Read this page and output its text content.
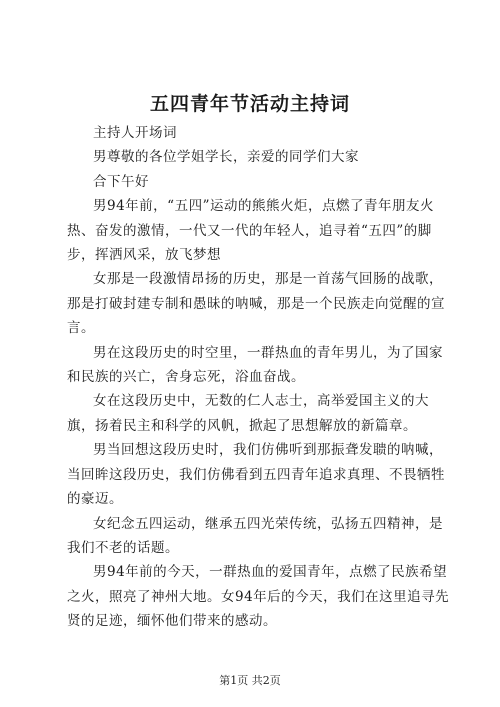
五四青年节活动主持词

主持人开场词

男尊敬的各位学姐学长，亲爱的同学们大家

合下午好

男94年前，“五四”运动的熊熊火炬，点燃了青年朋友火热、奋发的激情，一代又一代的年轻人，追寻着“五四”的脚步，挥洒风采，放飞梦想

女那是一段激情昂扬的历史，那是一首荡气回肠的战歌，那是打破封建专制和愚昧的呐喊，那是一个民族走向觉醒的宣言。

男在这段历史的时空里，一群热血的青年男儿，为了国家和民族的兴亡，舍身忘死，浴血奋战。

女在这段历史中，无数的仁人志士，高举爱国主义的大旗，扬着民主和科学的风帆，掀起了思想解放的新篇章。

男当回想这段历史时，我们仿佛听到那振聋发聩的呐喊，当回眸这段历史，我们仿佛看到五四青年追求真理、不畏牺牲的豪迈。

女纪念五四运动，继承五四光荣传统，弘扬五四精神，是我们不老的话题。

男94年前的今天，一群热血的爱国青年，点燃了民族希望之火，照亮了神州大地。女94年后的今天，我们在这里追寻先贤的足迹，缅怀他们带来的感动。

第1页 共2页
